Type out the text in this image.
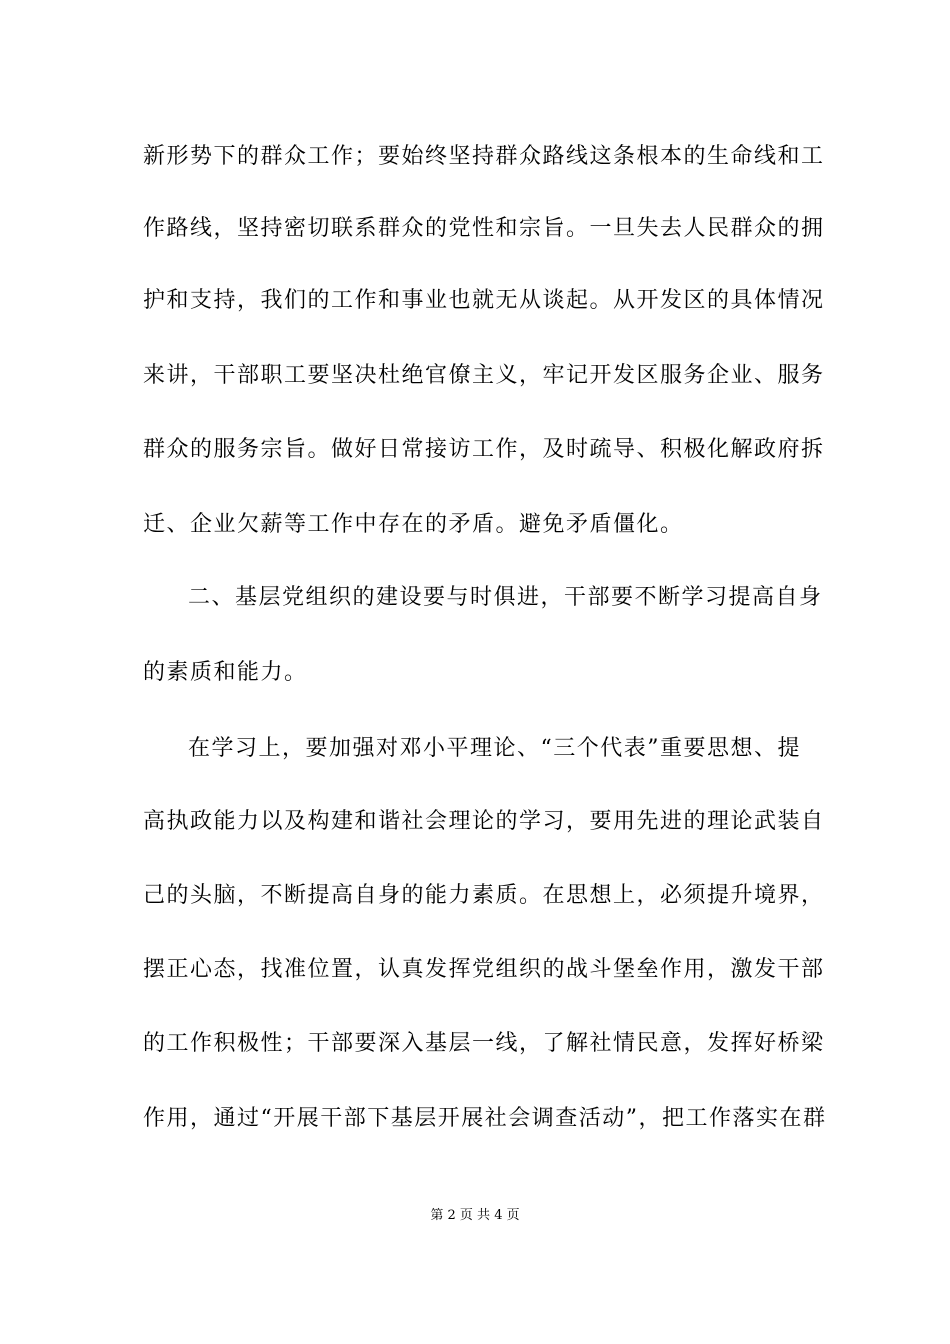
新形势下的群众工作；要始终坚持群众路线这条根本的生命线和工
作路线，坚持密切联系群众的党性和宗旨。一旦失去人民群众的拥
护和支持，我们的工作和事业也就无从谈起。从开发区的具体情况
来讲，干部职工要坚决杜绝官僚主义，牢记开发区服务企业、服务
群众的服务宗旨。做好日常接访工作，及时疏导、积极化解政府拆
迁、企业欠薪等工作中存在的矛盾。避免矛盾僵化。
二、基层党组织的建设要与时俱进，干部要不断学习提高自身
的素质和能力。
在学习上，要加强对邓小平理论、“三个代表”重要思想、提
高执政能力以及构建和谐社会理论的学习，要用先进的理论武装自
己的头脑，不断提高自身的能力素质。在思想上，必须提升境界，
摆正心态，找准位置，认真发挥党组织的战斗堡垒作用，激发干部
的工作积极性；干部要深入基层一线，了解社情民意，发挥好桥梁
作用，通过“开展干部下基层开展社会调查活动”，把工作落实在群
第 2 页 共 4 页
